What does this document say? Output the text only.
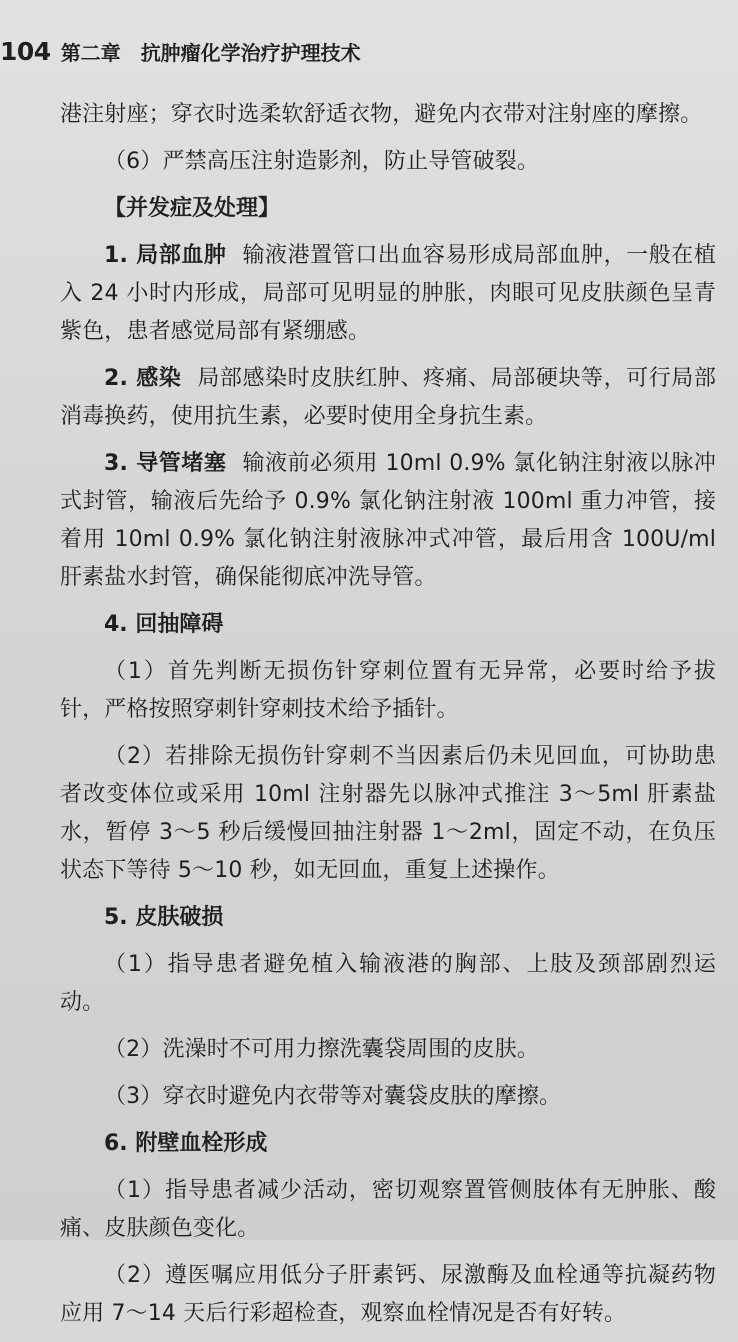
104 第二章 抗肿瘤化学治疗护理技术
港注射座；穿衣时选柔软舒适衣物，避免内衣带对注射座的摩擦。
（6）严禁高压注射造影剂，防止导管破裂。
【并发症及处理】
1. 局部血肿 输液港置管口出血容易形成局部血肿，一般在植入 24 小时内形成，局部可见明显的肿胀，肉眼可见皮肤颜色呈青紫色，患者感觉局部有紧绷感。
2. 感染 局部感染时皮肤红肿、疼痛、局部硬块等，可行局部消毒换药，使用抗生素，必要时使用全身抗生素。
3. 导管堵塞 输液前必须用 10ml 0.9% 氯化钠注射液以脉冲式封管，输液后先给予 0.9% 氯化钠注射液 100ml 重力冲管，接着用 10ml 0.9% 氯化钠注射液脉冲式冲管，最后用含 100U/ml 肝素盐水封管，确保能彻底冲洗导管。
4. 回抽障碍
（1）首先判断无损伤针穿刺位置有无异常，必要时给予拔针，严格按照穿刺针穿刺技术给予插针。
（2）若排除无损伤针穿刺不当因素后仍未见回血，可协助患者改变体位或采用 10ml 注射器先以脉冲式推注 3～5ml 肝素盐水，暂停 3～5 秒后缓慢回抽注射器 1～2ml，固定不动，在负压状态下等待 5～10 秒，如无回血，重复上述操作。
5. 皮肤破损
（1）指导患者避免植入输液港的胸部、上肢及颈部剧烈运动。
（2）洗澡时不可用力擦洗囊袋周围的皮肤。
（3）穿衣时避免内衣带等对囊袋皮肤的摩擦。
6. 附壁血栓形成
（1）指导患者减少活动，密切观察置管侧肢体有无肿胀、酸痛、皮肤颜色变化。
（2）遵医嘱应用低分子肝素钙、尿激酶及血栓通等抗凝药物应用 7～14 天后行彩超检查，观察血栓情况是否有好转。
